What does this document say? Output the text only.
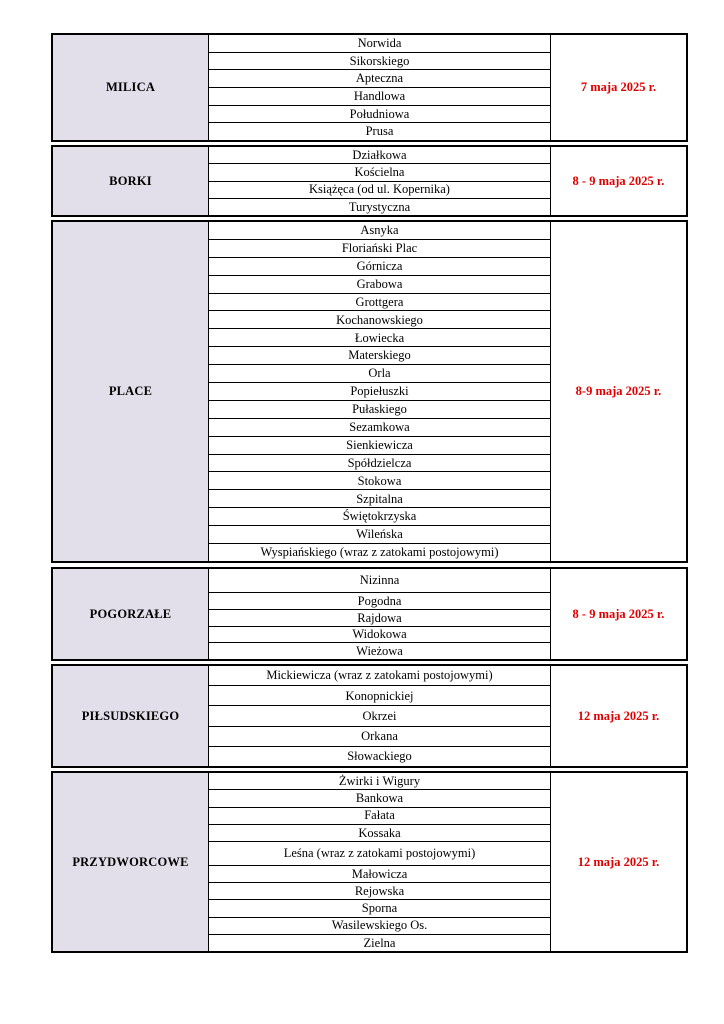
MILICA
Norwida
Sikorskiego
Apteczna
Handlowa
Południowa
Prusa
7 maja 2025 r.
BORKI
Działkowa
Kościelna
Książęca (od ul. Kopernika)
Turystyczna
8 - 9 maja 2025 r.
PLACE
Asnyka
Floriański Plac
Górnicza
Grabowa
Grottgera
Kochanowskiego
Łowiecka
Materskiego
Orla
Popiełuszki
Pułaskiego
Sezamkowa
Sienkiewicza
Spółdzielcza
Stokowa
Szpitalna
Świętokrzyska
Wileńska
Wyspiańskiego (wraz z zatokami postojowymi)
8-9 maja 2025 r.
POGORZAŁE
Nizinna
Pogodna
Rajdowa
Widokowa
Wieżowa
8 - 9 maja 2025 r.
PIŁSUDSKIEGO
Mickiewicza (wraz z zatokami postojowymi)
Konopnickiej
Okrzei
Orkana
Słowackiego
12 maja 2025 r.
PRZYDWORCOWE
Żwirki i Wigury
Bankowa
Fałata
Kossaka
Leśna (wraz z zatokami postojowymi)
Małowicza
Rejowska
Sporna
Wasilewskiego Os.
Zielna
12 maja 2025 r.
